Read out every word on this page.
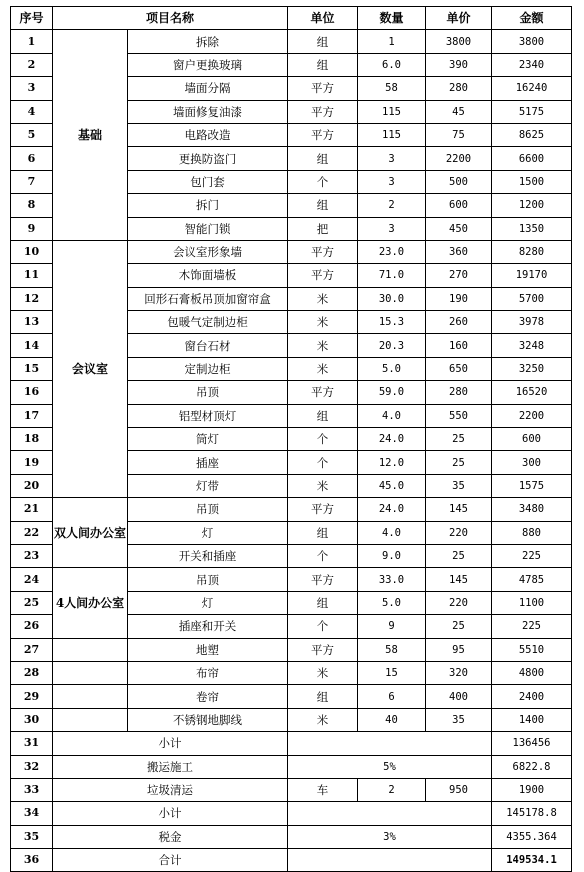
序号	项目名称		单位	数量	单价	金额
1	基础	拆除	组	1	3800	3800
2		窗户更换玻璃	组	6.0	390	2340
3		墙面分隔	平方	58	280	16240
4		墙面修复油漆	平方	115	45	5175
5		电路改造	平方	115	75	8625
6		更换防盗门	组	3	2200	6600
7		包门套	个	3	500	1500
8		拆门	组	2	600	1200
9		智能门锁	把	3	450	1350
10	会议室	会议室形象墙	平方	23.0	360	8280
11		木饰面墙板	平方	71.0	270	19170
12		回形石膏板吊顶加窗帘盒	米	30.0	190	5700
13		包暖气定制边柜	米	15.3	260	3978
14		窗台石材	米	20.3	160	3248
15		定制边柜	米	5.0	650	3250
16		吊顶	平方	59.0	280	16520
17		铝型材顶灯	组	4.0	550	2200
18		筒灯	个	24.0	25	600
19		插座	个	12.0	25	300
20		灯带	米	45.0	35	1575
21	双人间办公室	吊顶	平方	24.0	145	3480
22		灯	组	4.0	220	880
23		开关和插座	个	9.0	25	225
24	4人间办公室	吊顶	平方	33.0	145	4785
25		灯	组	5.0	220	1100
26		插座和开关	个	9	25	225
27		地塑	平方	58	95	5510
28		布帘	米	15	320	4800
29		卷帘	组	6	400	2400
30		不锈钢地脚线	米	40	35	1400
31	小计					136456
32	搬运施工		5%			6822.8
33	垃圾清运		车	2	950	1900
34	小计					145178.8
35	税金		3%			4355.364
36	合计					149534.1
